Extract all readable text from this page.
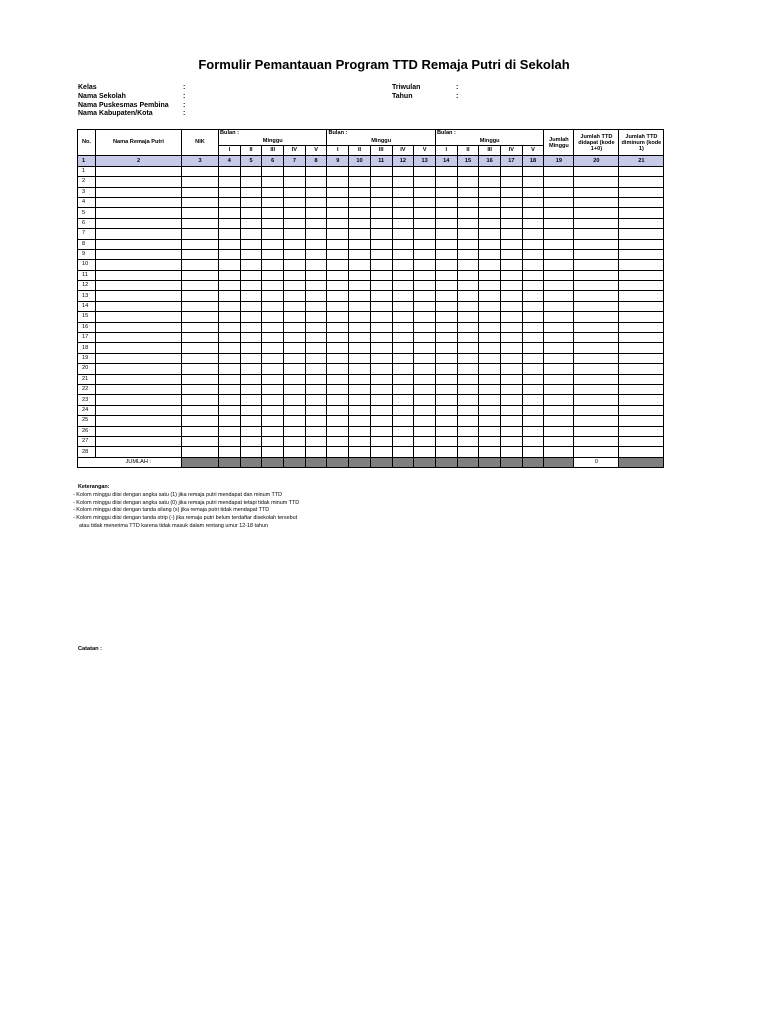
Formulir Pemantauan Program TTD Remaja Putri di Sekolah
Kelas	:
Nama Sekolah	:
Nama Puskesmas Pembina :
Nama Kabupaten/Kota	:
Triwulan	:
Tahun	:
No.	Nama Remaja Putri	NIK	Bulan :					Bulan :					Bulan :					Jumlah Minggu	Jumlah TTD didapat (kode 1+0)	Jumlah TTD diminum (kode 1)
			Minggu					Minggu					Minggu							
			I	II	III	IV	V	I	II	III	IV	V	I	II	III	IV	V			
1	2	3	4	5	6	7	8	9	10	11	12	13	14	15	16	17	18	19	20	21
1																				
2																				
3																				
4																				
5																				
6																				
7																				
8																				
9																				
10																				
11																				
12																				
13																				
14																				
15																				
16																				
17																				
18																				
19																				
20																				
21																				
22																				
23																				
24																				
25																				
26																				
27																				
28																				
	JUMLAH :																		0	
Keterangan:
- Kolom minggu diisi dengan angka satu (1) jika remaja putri mendapat dan minum TTD
- Kolom minggu diisi dengan angka satu (0) jika remaja putri mendapat tetapi tidak minum TTD
- Kolom minggu diisi dengan tanda silang (x) jika remaja putri tidak mendapat TTD
- Kolom minggu diisi dengan tanda strip (-) jika remaja putri belum terdaftar disekolah tersebut
atau tidak menerima TTD karena tidak masuk dalam rentang umur 12-18 tahun
Catatan :
